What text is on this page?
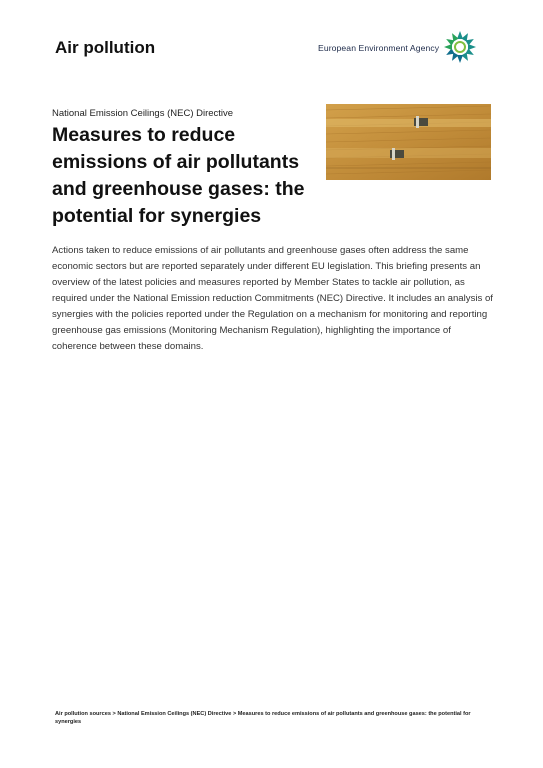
Air pollution	European Environment Agency
National Emission Ceilings (NEC) Directive
Measures to reduce emissions of air pollutants and greenhouse gases: the potential for synergies

Actions taken to reduce emissions of air pollutants and greenhouse gases often address the same economic sectors but are reported separately under different EU legislation. This briefing presents an overview of the latest policies and measures reported by Member States to tackle air pollution, as required under the National Emission reduction Commitments (NEC) Directive. It includes an analysis of synergies with the policies reported under the Regulation on a mechanism for monitoring and reporting greenhouse gas emissions (Monitoring Mechanism Regulation), highlighting the importance of coherence between these domains.

Air pollution sources > National Emission Ceilings (NEC) Directive > Measures to reduce emissions of air pollutants and greenhouse gases: the potential for synergies
